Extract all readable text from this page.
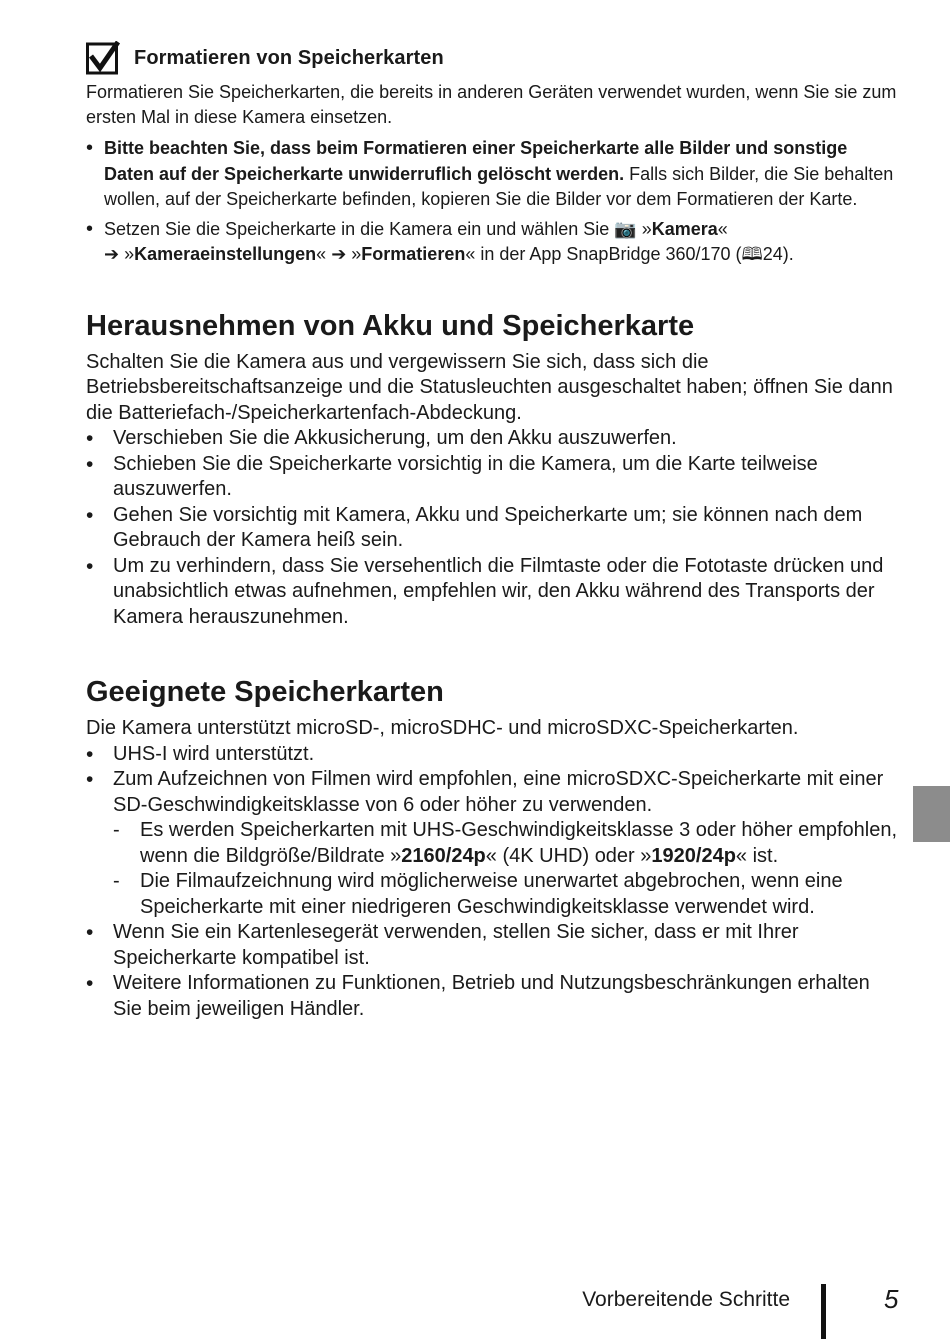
Formatieren von Speicherkarten
Formatieren Sie Speicherkarten, die bereits in anderen Geräten verwendet wurden, wenn Sie sie zum ersten Mal in diese Kamera einsetzen.
• Bitte beachten Sie, dass beim Formatieren einer Speicherkarte alle Bilder und sonstige Daten auf der Speicherkarte unwiderruflich gelöscht werden. Falls sich Bilder, die Sie behalten wollen, auf der Speicherkarte befinden, kopieren Sie die Bilder vor dem Formatieren der Karte.
• Setzen Sie die Speicherkarte in die Kamera ein und wählen Sie 📷 »Kamera«
➔ »Kameraeinstellungen« ➔ »Formatieren« in der App SnapBridge 360/170 (🕮24).
Herausnehmen von Akku und Speicherkarte
Schalten Sie die Kamera aus und vergewissern Sie sich, dass sich die Betriebsbereitschaftsanzeige und die Statusleuchten ausgeschaltet haben; öffnen Sie dann die Batteriefach-/Speicherkartenfach-Abdeckung.
• Verschieben Sie die Akkusicherung, um den Akku auszuwerfen.
• Schieben Sie die Speicherkarte vorsichtig in die Kamera, um die Karte teilweise auszuwerfen.
• Gehen Sie vorsichtig mit Kamera, Akku und Speicherkarte um; sie können nach dem Gebrauch der Kamera heiß sein.
• Um zu verhindern, dass Sie versehentlich die Filmtaste oder die Fototaste drücken und unabsichtlich etwas aufnehmen, empfehlen wir, den Akku während des Transports der Kamera herauszunehmen.
Geeignete Speicherkarten
Die Kamera unterstützt microSD-, microSDHC- und microSDXC-Speicherkarten.
• UHS-I wird unterstützt.
• Zum Aufzeichnen von Filmen wird empfohlen, eine microSDXC-Speicherkarte mit einer SD-Geschwindigkeitsklasse von 6 oder höher zu verwenden.
- Es werden Speicherkarten mit UHS-Geschwindigkeitsklasse 3 oder höher empfohlen, wenn die Bildgröße/Bildrate »2160/24p« (4K UHD) oder »1920/24p« ist.
- Die Filmaufzeichnung wird möglicherweise unerwartet abgebrochen, wenn eine Speicherkarte mit einer niedrigeren Geschwindigkeitsklasse verwendet wird.
• Wenn Sie ein Kartenlesegerät verwenden, stellen Sie sicher, dass er mit Ihrer Speicherkarte kompatibel ist.
• Weitere Informationen zu Funktionen, Betrieb und Nutzungsbeschränkungen erhalten Sie beim jeweiligen Händler.
Vorbereitende Schritte	5
